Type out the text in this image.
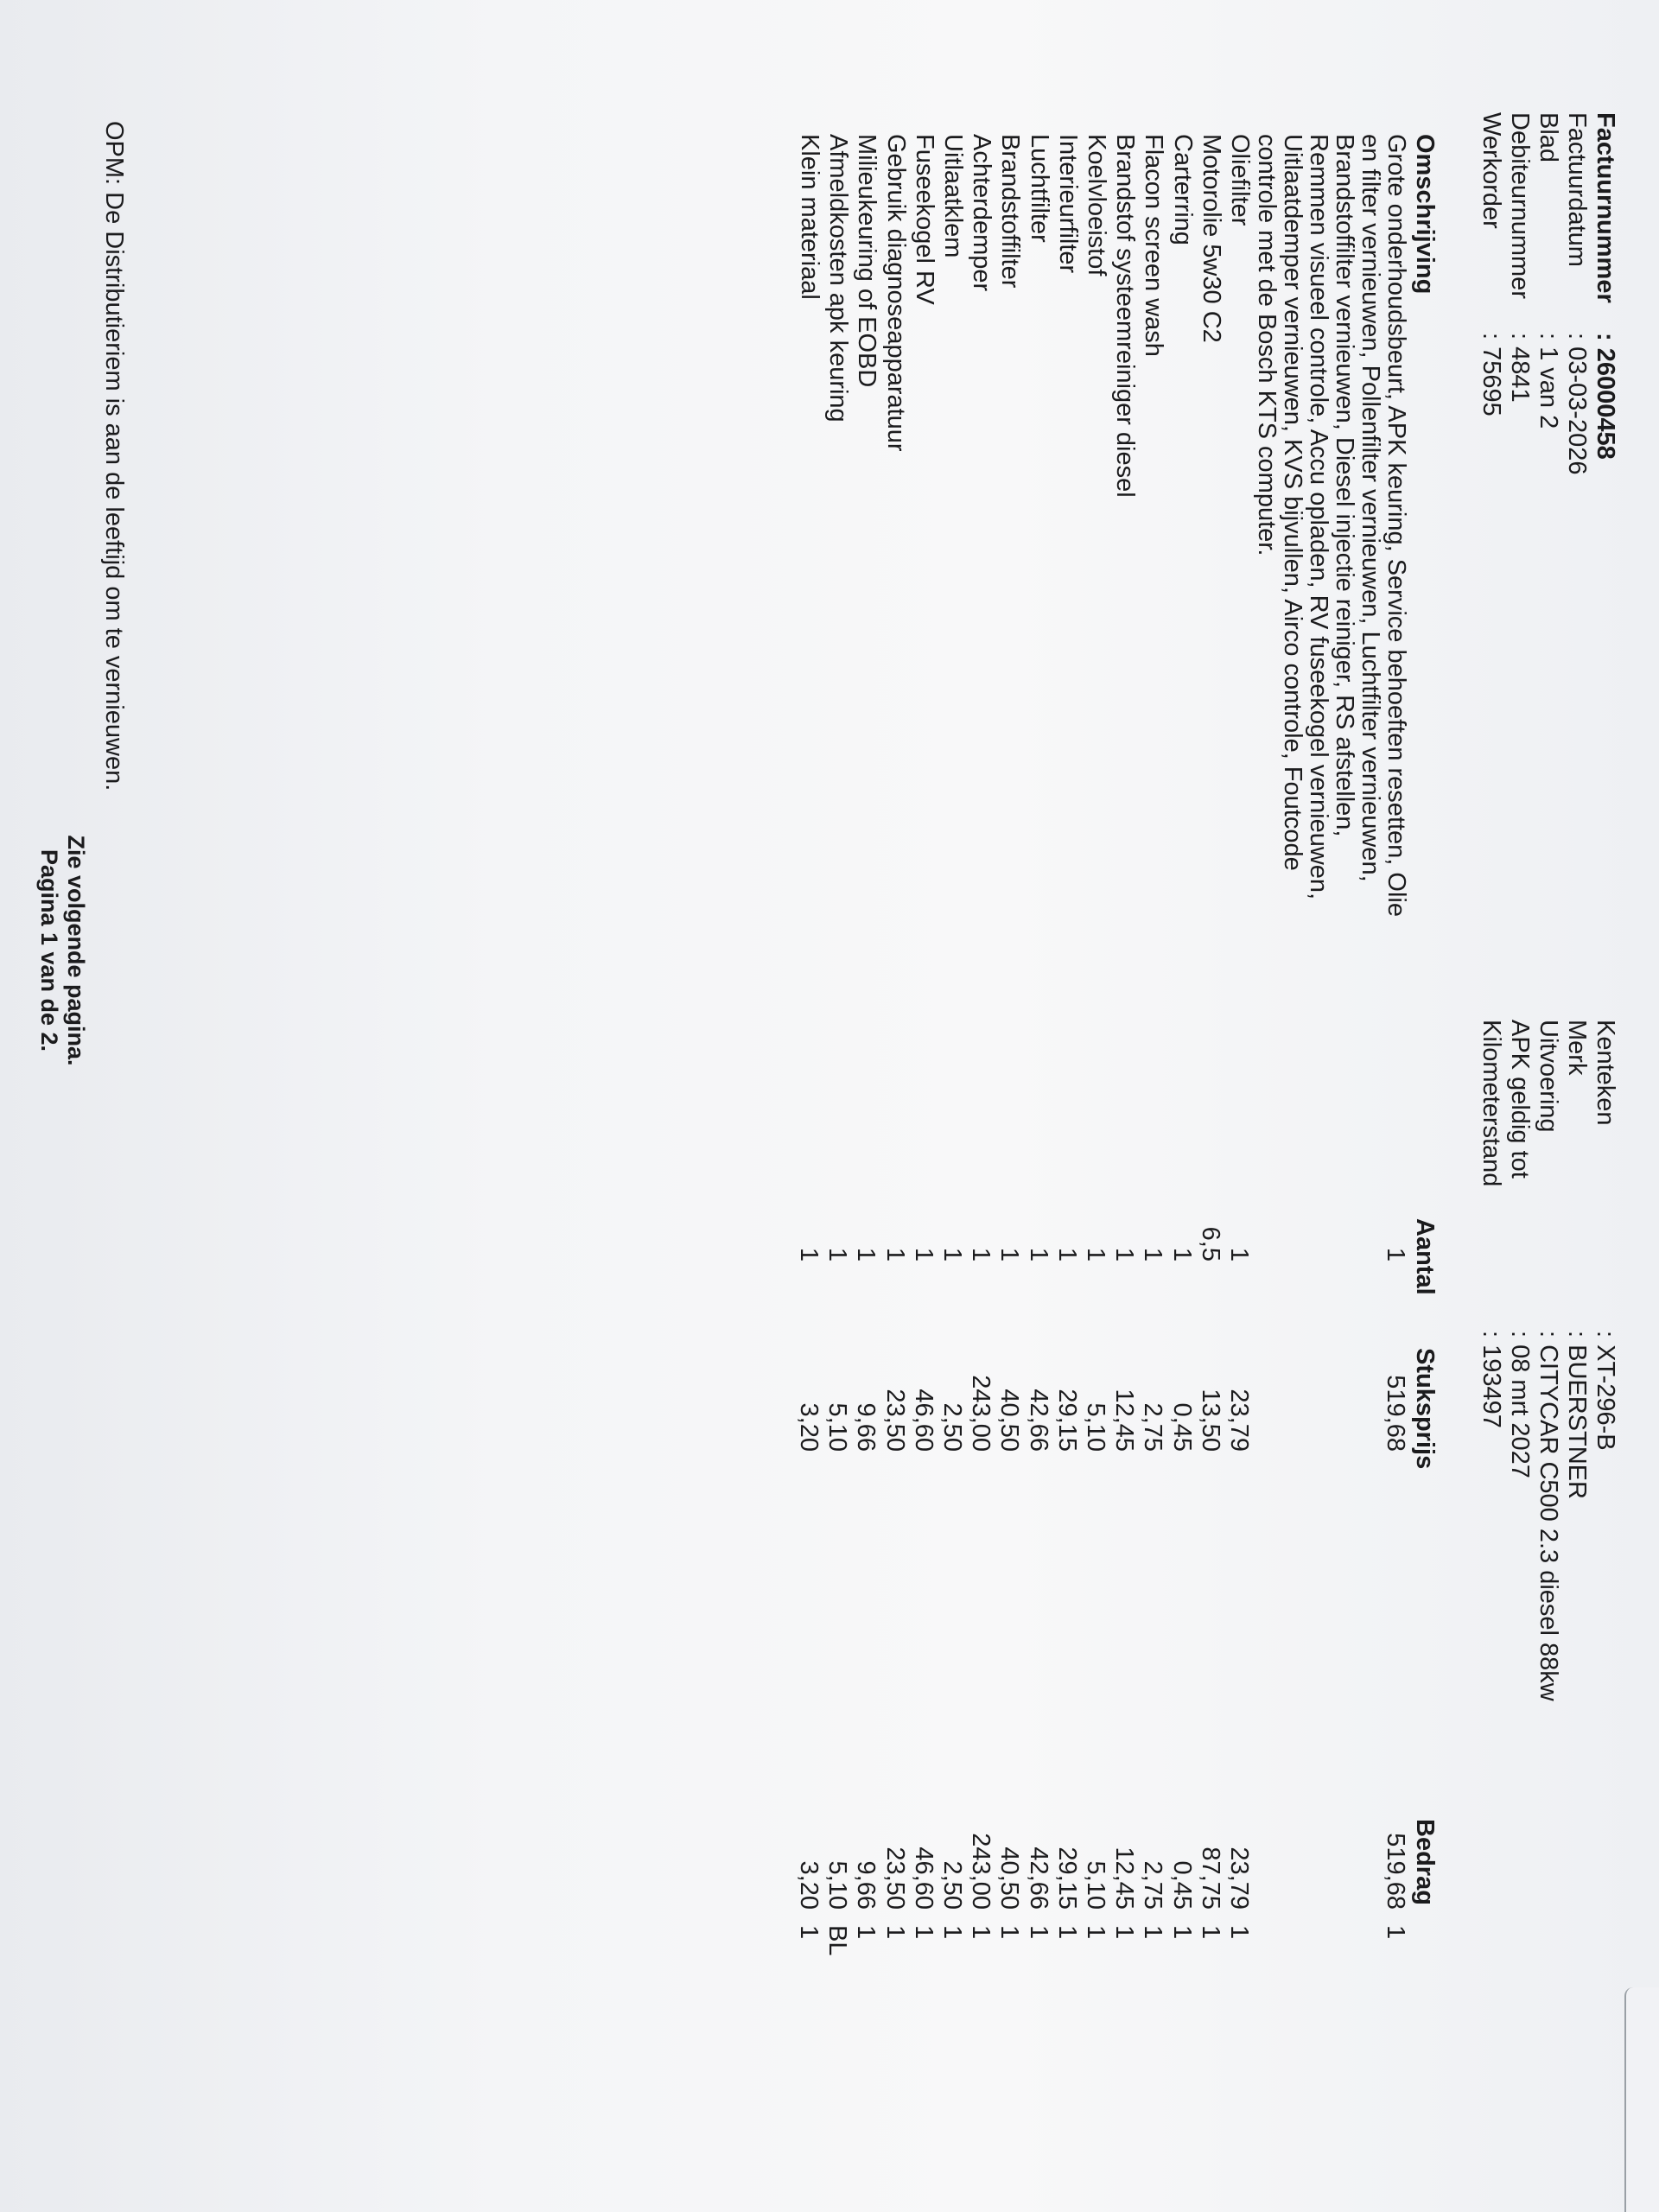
Factuurnummer
: 26000458
Factuurdatum
: 03-03-2026
Blad
: 1 van 2
Debiteurnummer
: 4841
Werkorder
: 75695
Kenteken
: XT-296-B
Merk
: BUERSTNER
Uitvoering
: CITYCAR C500 2.3 diesel 88kw
APK geldig tot
: 08 mrt 2027
Kilometerstand
: 193497
Omschrijving
Aantal
Stuksprijs
Bedrag
Grote onderhoudsbeurt, APK keuring, Service behoeften resetten, Olie
en filter vernieuwen, Pollenfilter vernieuwen, Luchtfilter vernieuwen,
Brandstoffilter vernieuwen, Diesel injectie reiniger, RS afstellen,
Remmen visueel controle, Accu opladen, RV fuseekogel vernieuwen,
Uitlaatdemper vernieuwen, KVS bijvullen, Airco controle, Foutcode
controle met de Bosch KTS computer.
1
519,68
519,68
1
Oliefilter
1
23,79
23,79
1
Motorolie 5w30 C2
6,5
13,50
87,75
1
Carterring
1
0,45
0,45
1
Flacon screen wash
1
2,75
2,75
1
Brandstof systeemreiniger diesel
1
12,45
12,45
1
Koelvloeistof
1
5,10
5,10
1
Interieurfilter
1
29,15
29,15
1
Luchtfilter
1
42,66
42,66
1
Brandstoffilter
1
40,50
40,50
1
Achterdemper
1
243,00
243,00
1
Uitlaatklem
1
2,50
2,50
1
Fuseekogel RV
1
46,60
46,60
1
Gebruik diagnoseapparatuur
1
23,50
23,50
1
Milieukeuring of EOBD
1
9,66
9,66
1
Afmeldkosten apk keuring
1
5,10
5,10
BL
Klein materiaal
1
3,20
3,20
1
OPM: De Distributieriem is aan de leeftijd om te vernieuwen.
Zie volgende pagina.
Pagina 1 van de 2.
